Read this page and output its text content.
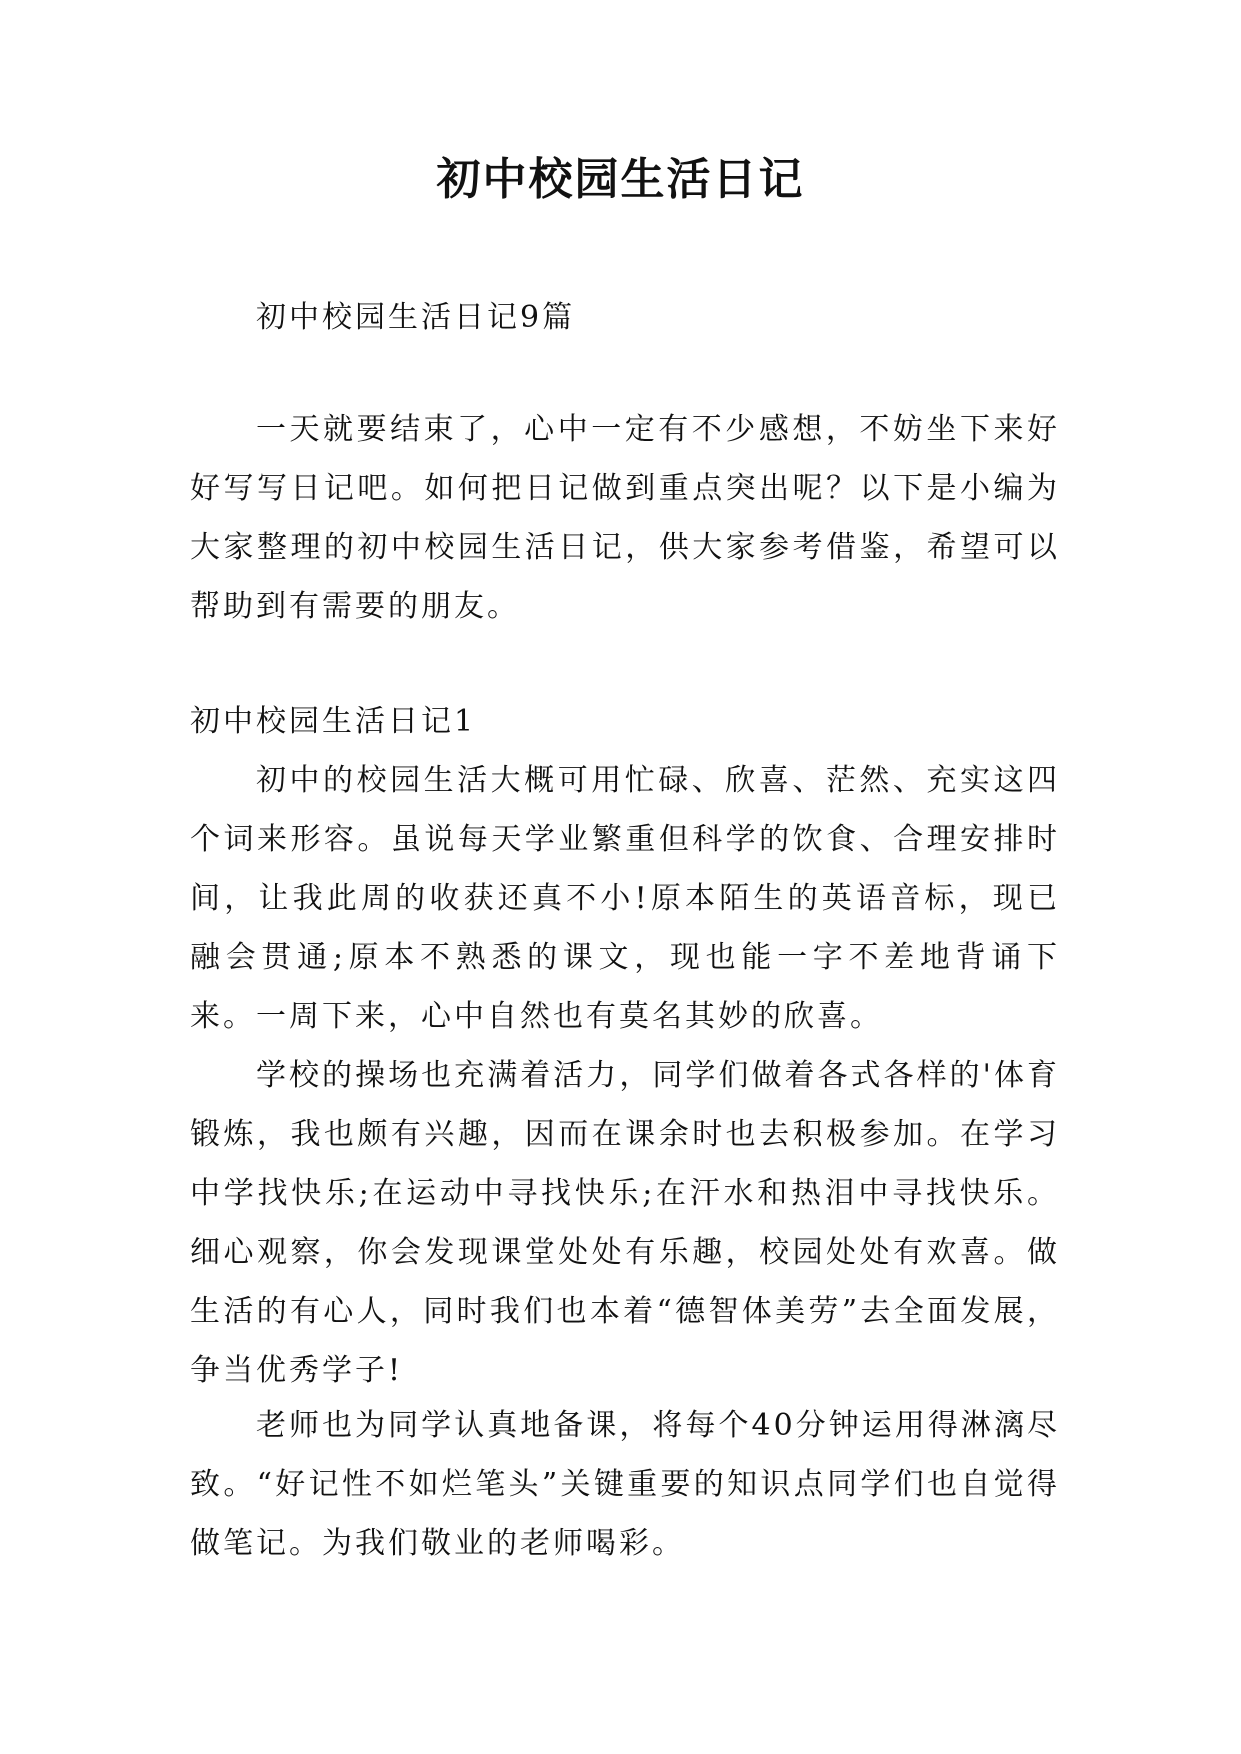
初中校园生活日记
初中校园生活日记9篇
一天就要结束了，心中一定有不少感想，不妨坐下来好好写写日记吧。如何把日记做到重点突出呢？以下是小编为大家整理的初中校园生活日记，供大家参考借鉴，希望可以帮助到有需要的朋友。
初中校园生活日记1
初中的校园生活大概可用忙碌、欣喜、茫然、充实这四个词来形容。虽说每天学业繁重但科学的饮食、合理安排时间，让我此周的收获还真不小!原本陌生的英语音标，现已融会贯通;原本不熟悉的课文，现也能一字不差地背诵下来。一周下来，心中自然也有莫名其妙的欣喜。
学校的操场也充满着活力，同学们做着各式各样的'体育锻炼，我也颇有兴趣，因而在课余时也去积极参加。在学习中学找快乐;在运动中寻找快乐;在汗水和热泪中寻找快乐。细心观察，你会发现课堂处处有乐趣，校园处处有欢喜。做生活的有心人，同时我们也本着“德智体美劳”去全面发展，争当优秀学子!
老师也为同学认真地备课，将每个40分钟运用得淋漓尽致。“好记性不如烂笔头”关键重要的知识点同学们也自觉得做笔记。为我们敬业的老师喝彩。
